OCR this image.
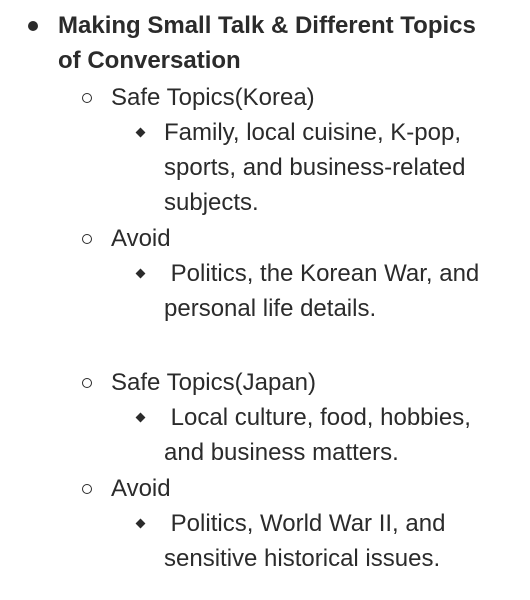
Making Small Talk & Different Topics
of Conversation
Safe Topics(Korea)
Family, local cuisine, K-pop,
sports, and business-related
subjects.
Avoid
Politics, the Korean War, and
personal life details.
Safe Topics(Japan)
Local culture, food, hobbies,
and business matters.
Avoid
Politics, World War II, and
sensitive historical issues.
